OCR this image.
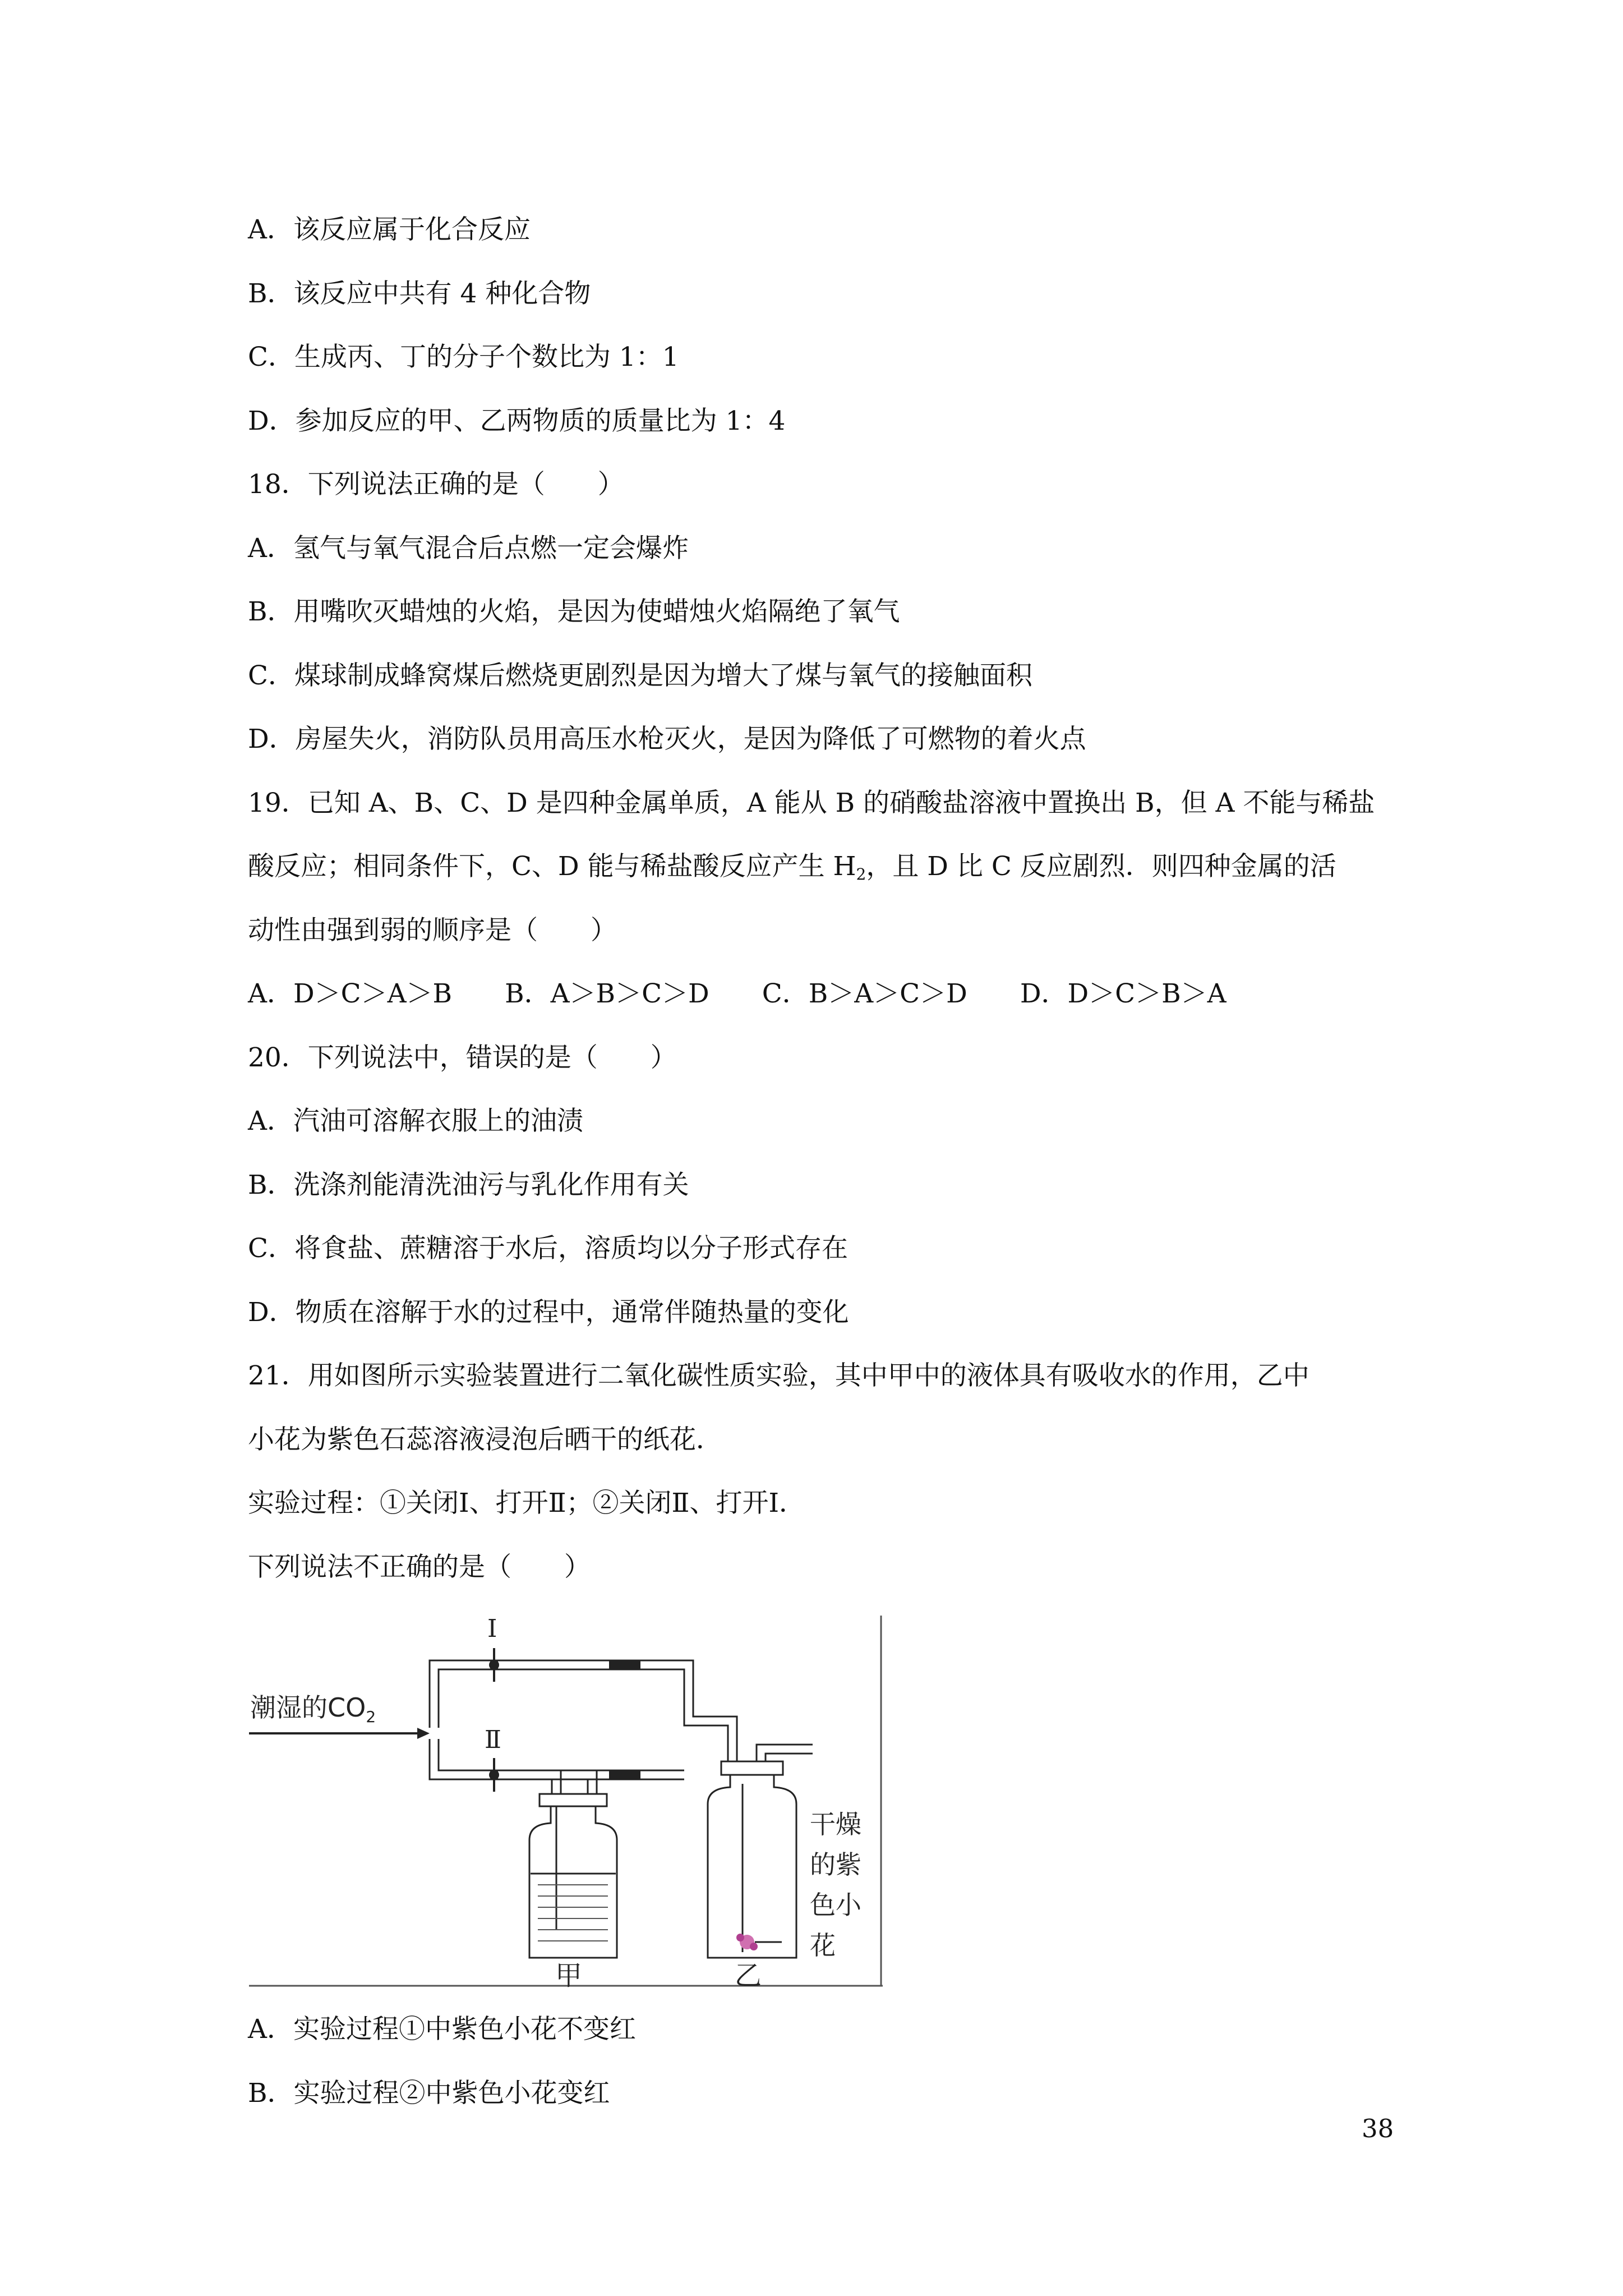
A．该反应属于化合反应
B．该反应中共有 4 种化合物
C．生成丙、丁的分子个数比为 1：1
D．参加反应的甲、乙两物质的质量比为 1：4
18．下列说法正确的是（　　）
A．氢气与氧气混合后点燃一定会爆炸
B．用嘴吹灭蜡烛的火焰，是因为使蜡烛火焰隔绝了氧气
C．煤球制成蜂窝煤后燃烧更剧烈是因为增大了煤与氧气的接触面积
D．房屋失火，消防队员用高压水枪灭火，是因为降低了可燃物的着火点
19．已知 A、B、C、D 是四种金属单质，A 能从 B 的硝酸盐溶液中置换出 B，但 A 不能与稀盐
酸反应；相同条件下，C、D 能与稀盐酸反应产生 $H_2$，且 D 比 C 反应剧烈．则四种金属的活
动性由强到弱的顺序是（　　）
A．D＞C＞A＞B　　B．A＞B＞C＞D　　C．B＞A＞C＞D　　D．D＞C＞B＞A
20．下列说法中，错误的是（　　）
A．汽油可溶解衣服上的油渍
B．洗涤剂能清洗油污与乳化作用有关
C．将食盐、蔗糖溶于水后，溶质均以分子形式存在
D．物质在溶解于水的过程中，通常伴随热量的变化
21．用如图所示实验装置进行二氧化碳性质实验，其中甲中的液体具有吸收水的作用，乙中
小花为紫色石蕊溶液浸泡后晒干的纸花．
实验过程：①关闭Ⅰ、打开Ⅱ；②关闭Ⅱ、打开Ⅰ．
下列说法不正确的是（　　）
潮湿的$CO_2$
Ⅰ
Ⅱ
甲	乙
干燥
的紫
色小
花
A．实验过程①中紫色小花不变红
B．实验过程②中紫色小花变红
38
